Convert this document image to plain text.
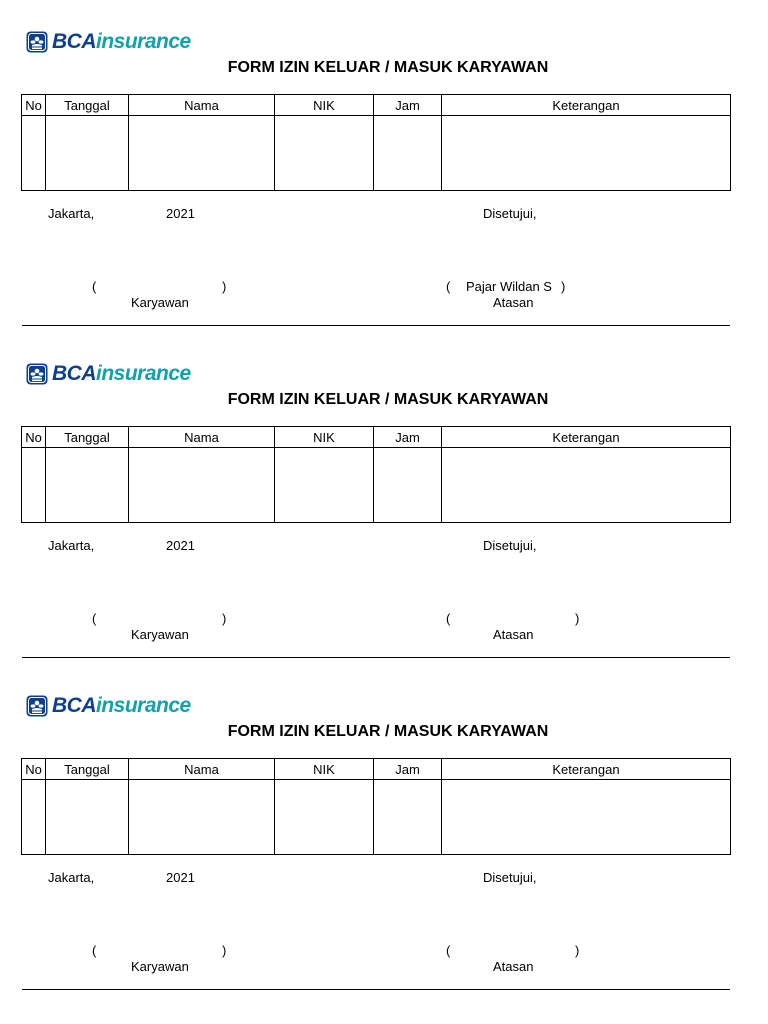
BCAinsurance
FORM IZIN KELUAR / MASUK KARYAWAN
No	Tanggal	Nama	NIK	Jam	Keterangan

Jakarta,	2021	Disetujui,
(	)
Karyawan
( Pajar Wildan S )
Atasan
BCAinsurance
FORM IZIN KELUAR / MASUK KARYAWAN
No	Tanggal	Nama	NIK	Jam	Keterangan

Jakarta,	2021	Disetujui,
(	)
Karyawan
(	)
Atasan
BCAinsurance
FORM IZIN KELUAR / MASUK KARYAWAN
No	Tanggal	Nama	NIK	Jam	Keterangan

Jakarta,	2021	Disetujui,
(	)
Karyawan
(	)
Atasan
